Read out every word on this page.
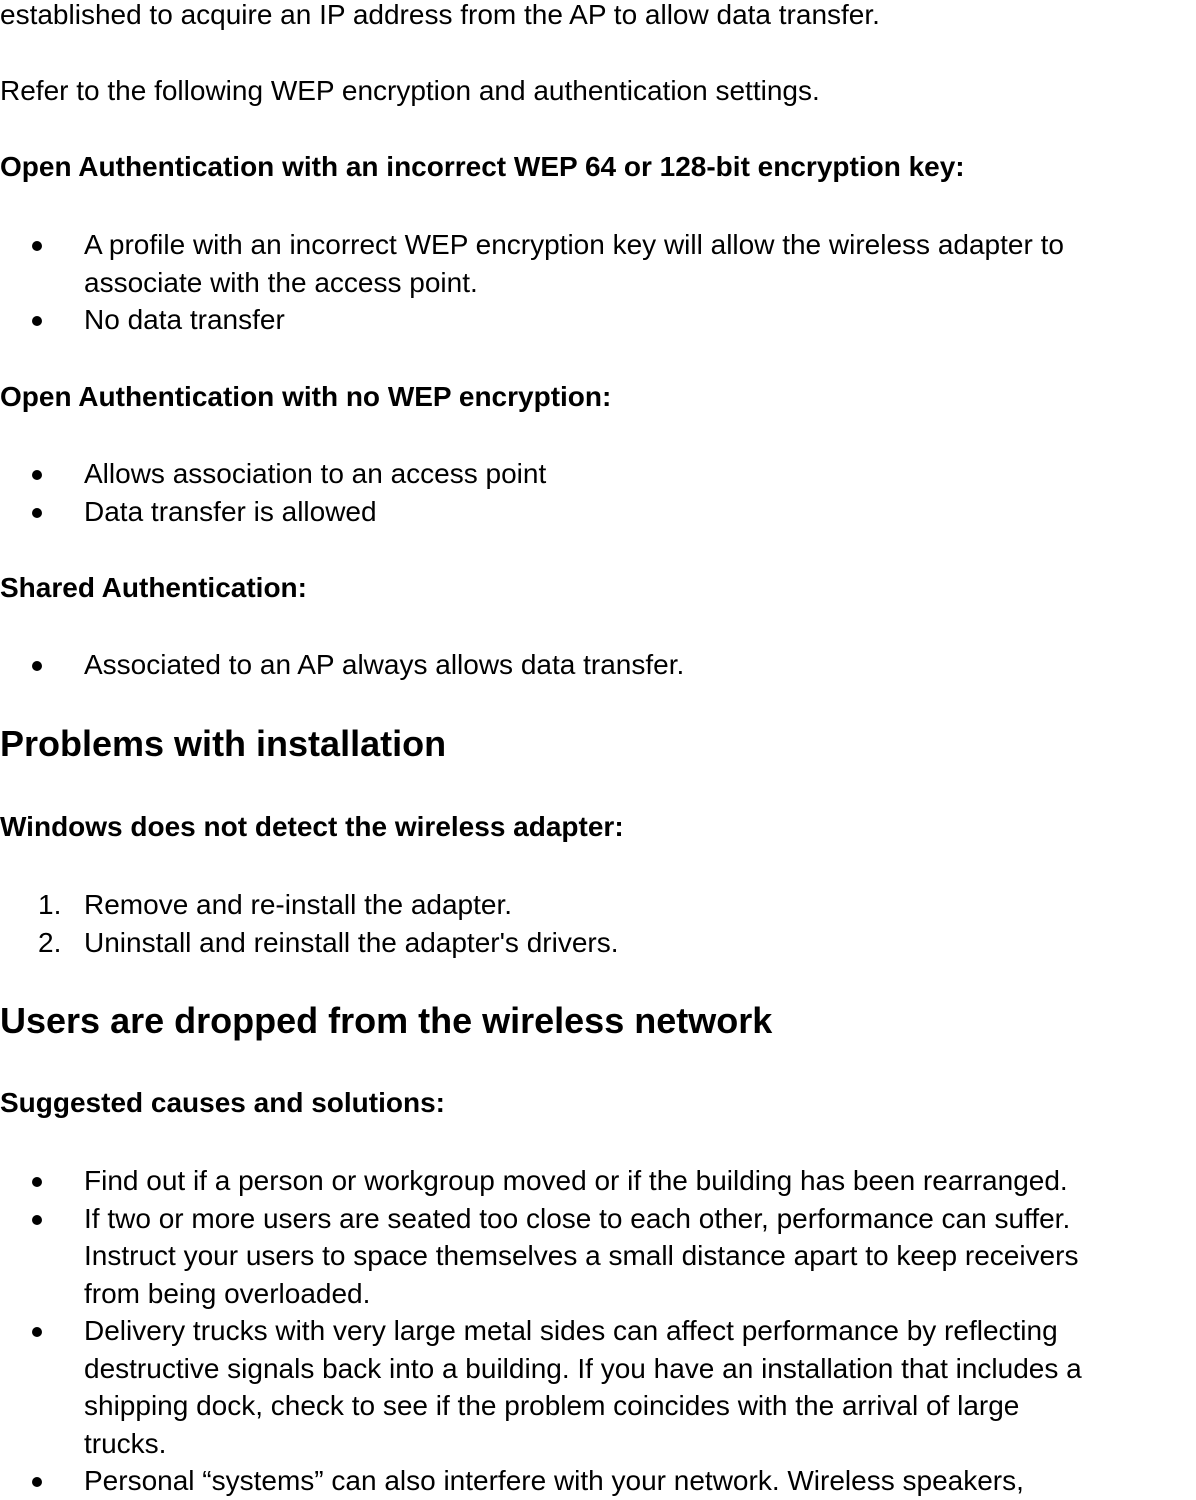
established to acquire an IP address from the AP to allow data transfer.

Refer to the following WEP encryption and authentication settings.

Open Authentication with an incorrect WEP 64 or 128-bit encryption key:

A profile with an incorrect WEP encryption key will allow the wireless adapter to
associate with the access point.
No data transfer

Open Authentication with no WEP encryption:

Allows association to an access point
Data transfer is allowed

Shared Authentication:

Associated to an AP always allows data transfer.
Problems with installation

Windows does not detect the wireless adapter:

1. Remove and re-install the adapter.
2. Uninstall and reinstall the adapter's drivers.
Users are dropped from the wireless network

Suggested causes and solutions:

Find out if a person or workgroup moved or if the building has been rearranged.
If two or more users are seated too close to each other, performance can suffer.
Instruct your users to space themselves a small distance apart to keep receivers
from being overloaded.
Delivery trucks with very large metal sides can affect performance by reflecting
destructive signals back into a building. If you have an installation that includes a
shipping dock, check to see if the problem coincides with the arrival of large
trucks.
Personal “systems” can also interfere with your network. Wireless speakers,
